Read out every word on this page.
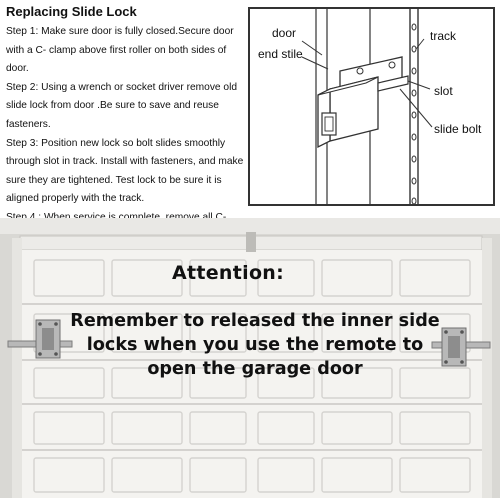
Replacing Slide Lock

Step 1: Make sure door is fully closed.Secure door with a C- clamp above first roller on both sides of door.

Step 2: Using a wrench or socket driver remove old slide lock from door .Be sure to save and reuse fasteners.

Step 3: Position new lock so bolt slides smoothly through slot in track. Install with fasteners, and make sure they are tightened. Test lock to be sure it is aligned properly with the track.

door
end stile
track
slot
slide bolt
Attention:
Remember to released the inner side locks when you use the remote to open the garage door
